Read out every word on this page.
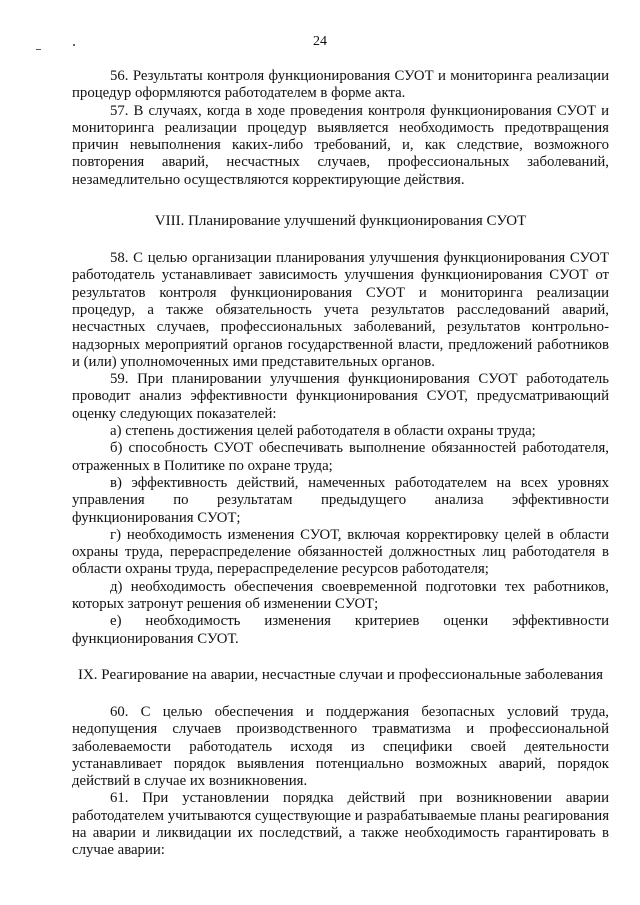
24

56. Результаты контроля функционирования СУОТ и мониторинга реализации процедур оформляются работодателем в форме акта.

57. В случаях, когда в ходе проведения контроля функционирования СУОТ и мониторинга реализации процедур выявляется необходимость предотвращения причин невыполнения каких-либо требований, и, как следствие, возможного повторения аварий, несчастных случаев, профессиональных заболеваний, незамедлительно осуществляются корректирующие действия.

VIII. Планирование улучшений функционирования СУОТ

58. С целью организации планирования улучшения функционирования СУОТ работодатель устанавливает зависимость улучшения функционирования СУОТ от результатов контроля функционирования СУОТ и мониторинга реализации процедур, а также обязательность учета результатов расследований аварий, несчастных случаев, профессиональных заболеваний, результатов контрольно-надзорных мероприятий органов государственной власти, предложений работников и (или) уполномоченных ими представительных органов.

59. При планировании улучшения функционирования СУОТ работодатель проводит анализ эффективности функционирования СУОТ, предусматривающий оценку следующих показателей:

а) степень достижения целей работодателя в области охраны труда;

б) способность СУОТ обеспечивать выполнение обязанностей работодателя, отраженных в Политике по охране труда;

в) эффективность действий, намеченных работодателем на всех уровнях управления по результатам предыдущего анализа эффективности функционирования СУОТ;

г) необходимость изменения СУОТ, включая корректировку целей в области охраны труда, перераспределение обязанностей должностных лиц работодателя в области охраны труда, перераспределение ресурсов работодателя;

д) необходимость обеспечения своевременной подготовки тех работников, которых затронут решения об изменении СУОТ;

е) необходимость изменения критериев оценки эффективности функционирования СУОТ.

IX. Реагирование на аварии, несчастные случаи и профессиональные заболевания

60. С целью обеспечения и поддержания безопасных условий труда, недопущения случаев производственного травматизма и профессиональной заболеваемости работодатель исходя из специфики своей деятельности устанавливает порядок выявления потенциально возможных аварий, порядок действий в случае их возникновения.

61. При установлении порядка действий при возникновении аварии работодателем учитываются существующие и разрабатываемые планы реагирования на аварии и ликвидации их последствий, а также необходимость гарантировать в случае аварии:
